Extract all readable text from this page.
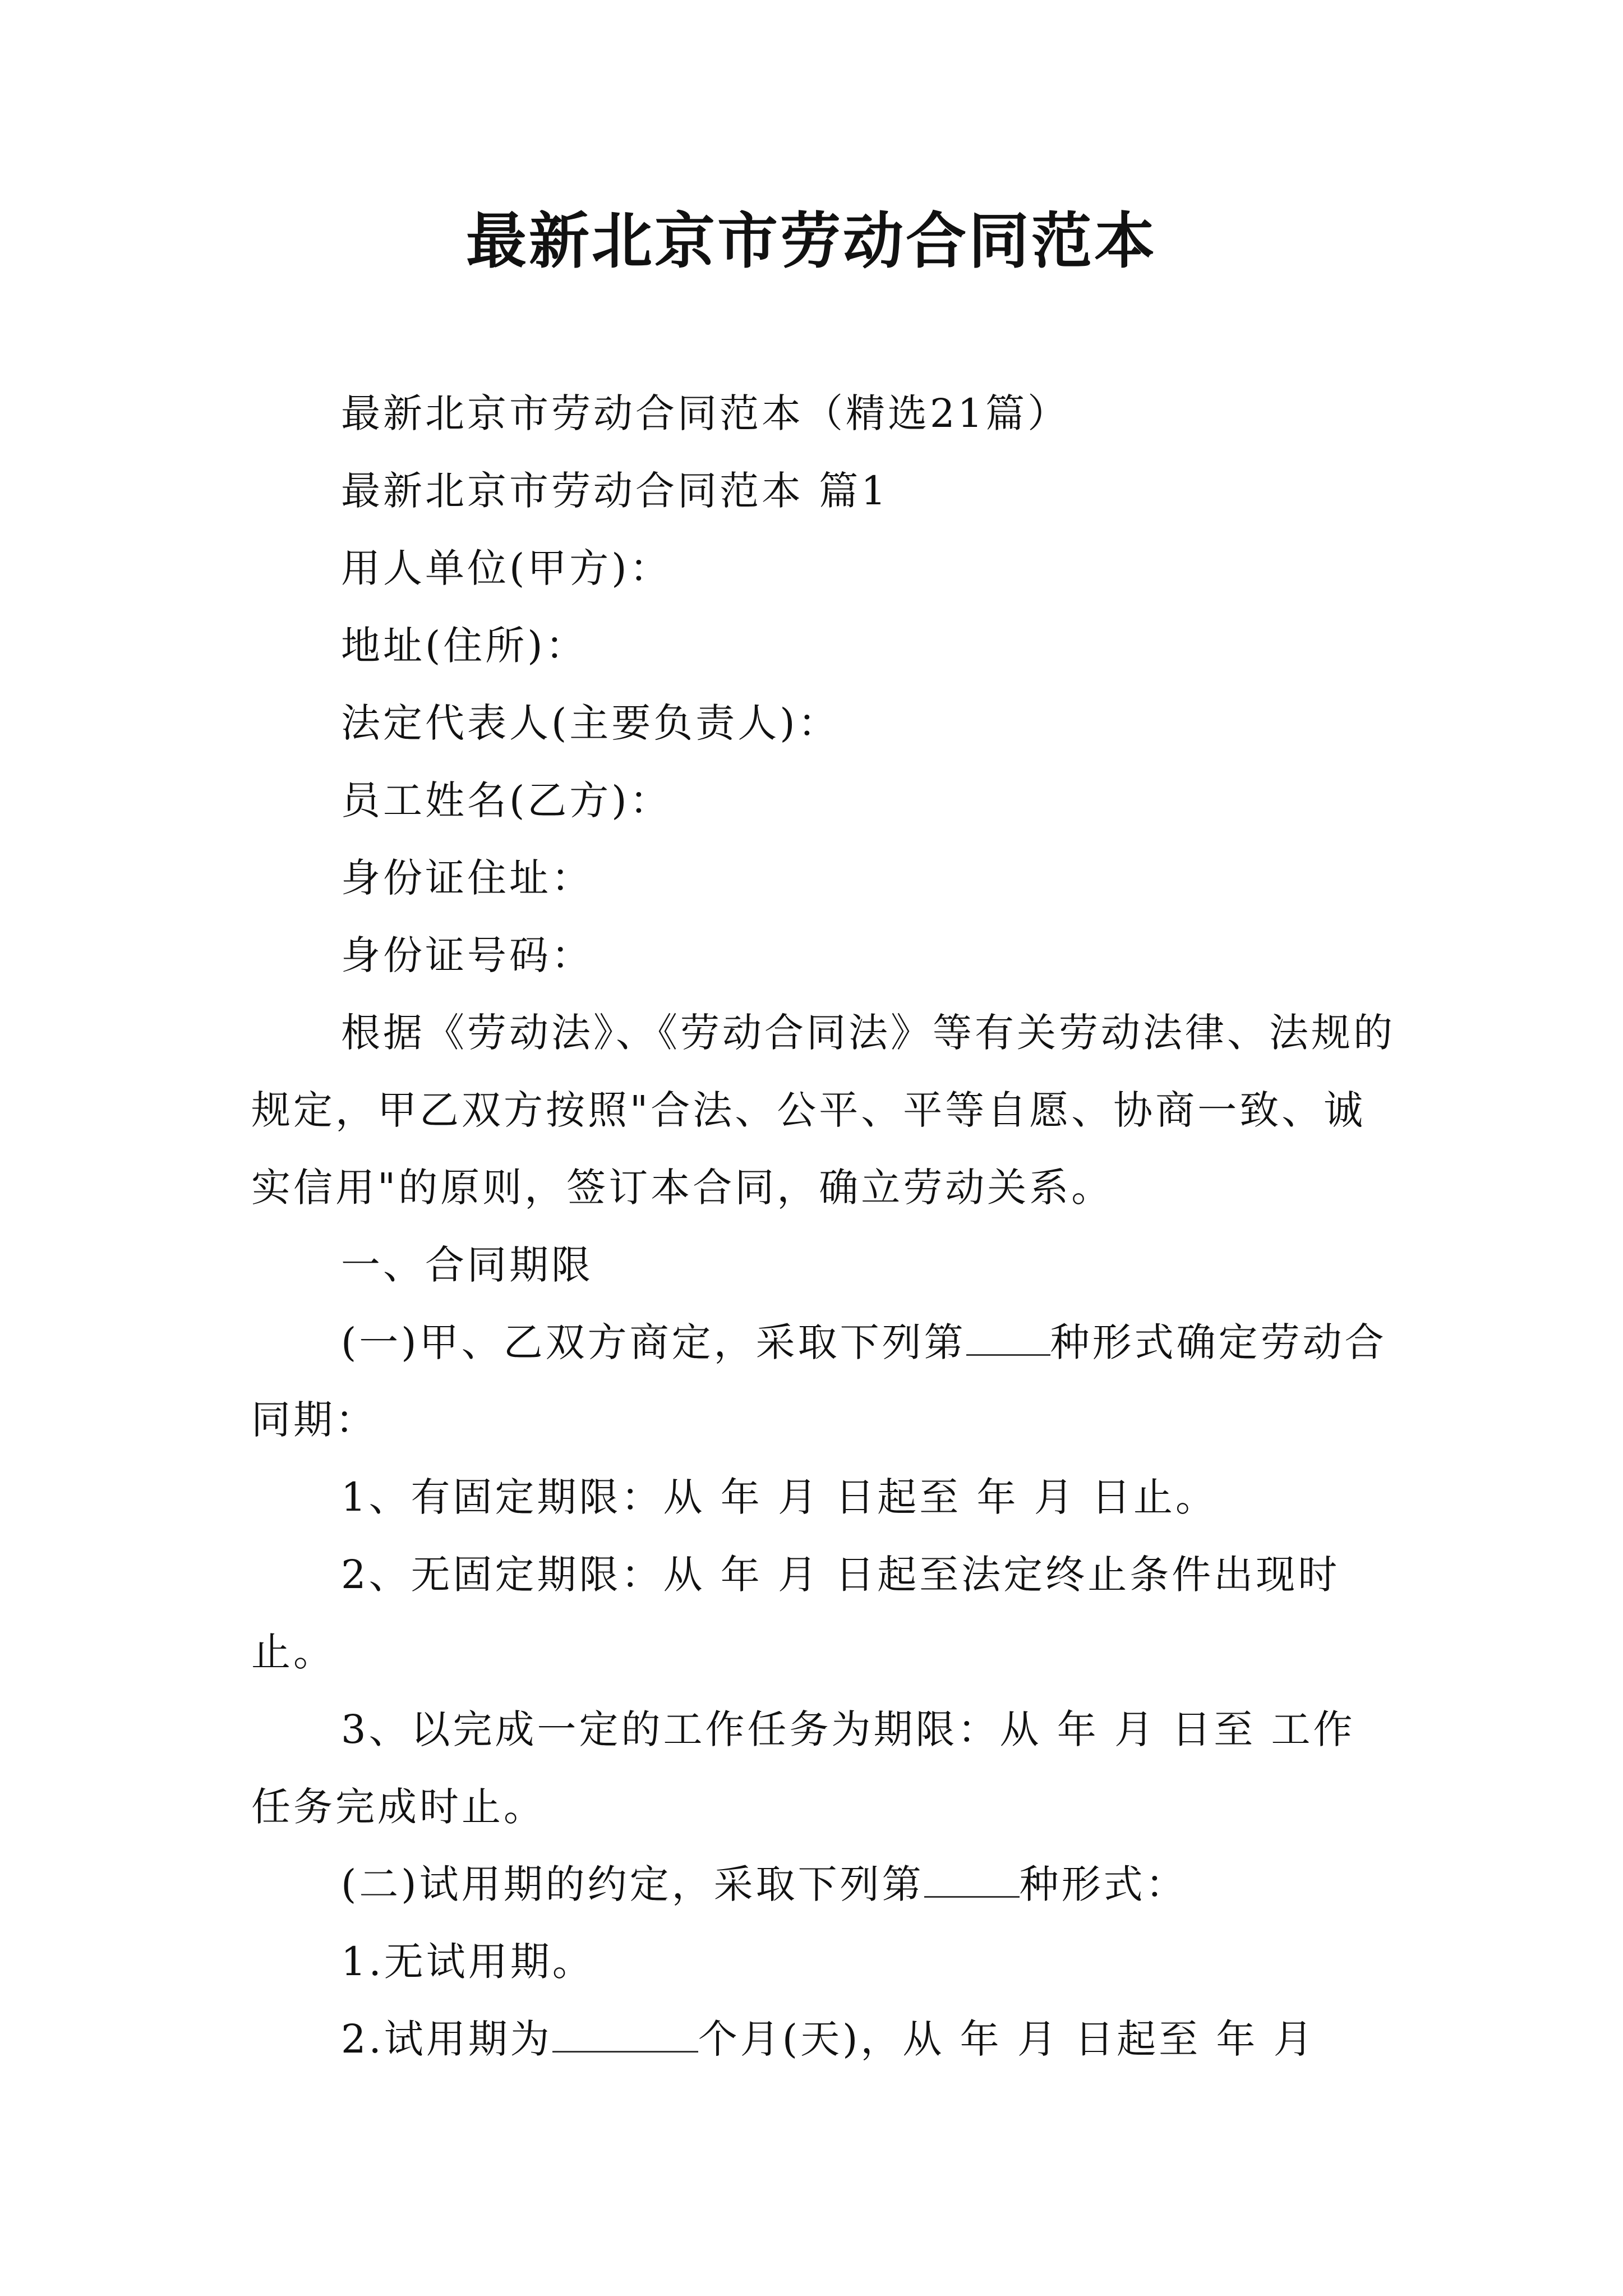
最新北京市劳动合同范本

最新北京市劳动合同范本（精选21篇）

最新北京市劳动合同范本 篇1

用人单位(甲方)：

地址(住所)：

法定代表人(主要负责人)：

员工姓名(乙方)：

身份证住址：

身份证号码：

根据《劳动法》、《劳动合同法》等有关劳动法律、法规的规定，甲乙双方按照"合法、公平、平等自愿、协商一致、诚实信用"的原则，签订本合同，确立劳动关系。

一、合同期限

(一)甲、乙双方商定，采取下列第 种形式确定劳动合同期：

1、有固定期限：从 年 月 日起至 年 月 日止。

2、无固定期限：从 年 月 日起至法定终止条件出现时止。

3、以完成一定的工作任务为期限：从 年 月 日至 工作任务完成时止。

(二)试用期的约定，采取下列第 种形式：

1.无试用期。

2.试用期为	个月(天)，从 年 月 日起至 年 月
